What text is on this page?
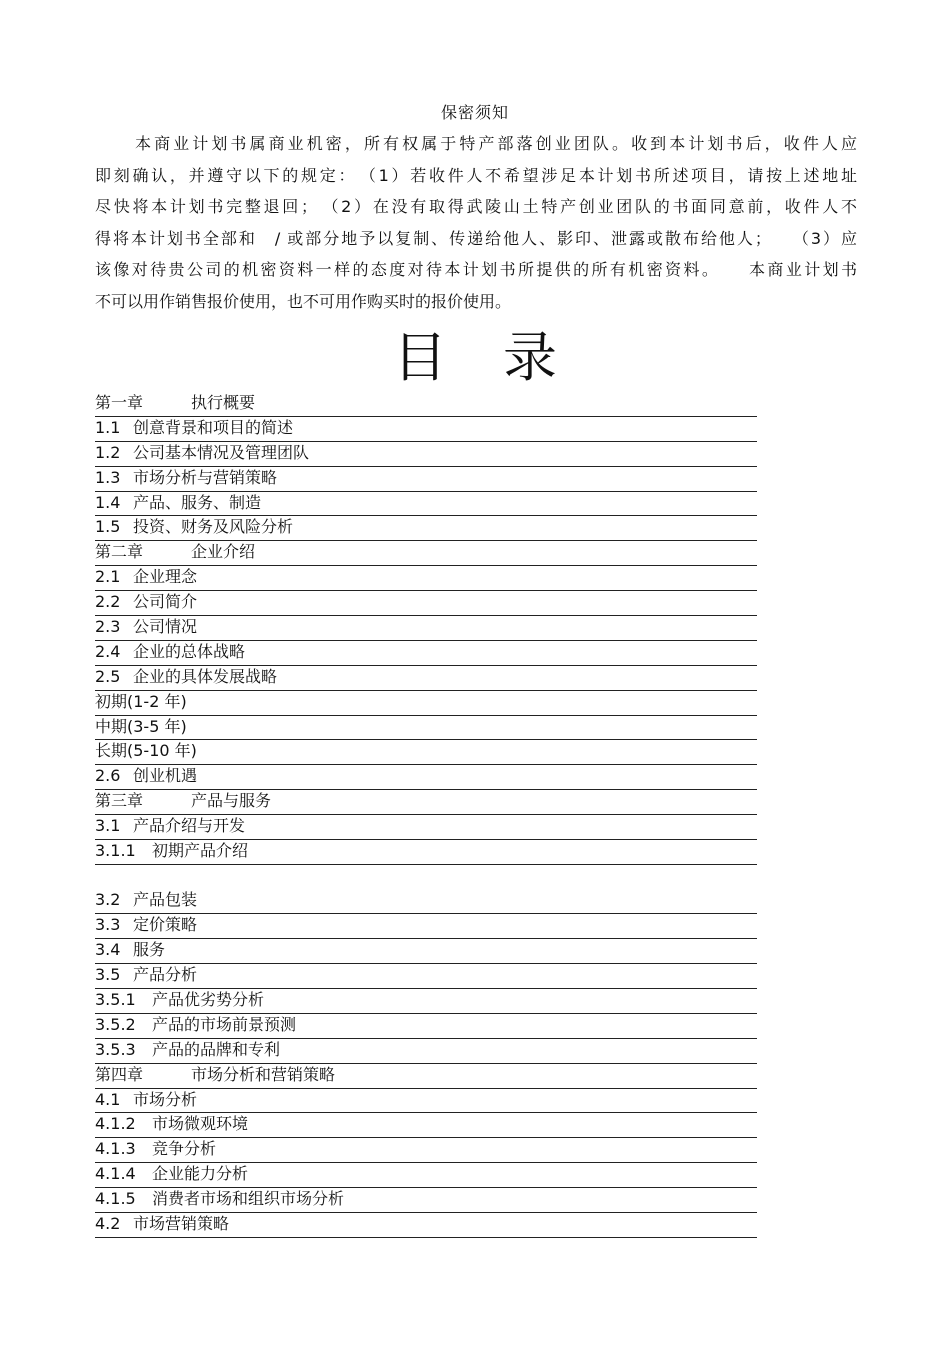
保密须知
本商业计划书属商业机密，所有权属于特产部落创业团队。收到本计划书后，收件人应
即刻确认，并遵守以下的规定：　（1）若收件人不希望涉足本计划书所述项目，请按上述地址
尽快将本计划书完整退回；　（2）在没有取得武陵山土特产创业团队的书面同意前，收件人不
得将本计划书全部和　/ 或部分地予以复制、传递给他人、影印、泄露或散布给他人；　　（3）应
该像对待贵公司的机密资料一样的态度对待本计划书所提供的所有机密资料。　　本商业计划书
不可以用作销售报价使用，也不可用作购买时的报价使用。
目录
第一章	执行概要
1.1 创意背景和项目的简述
1.2 公司基本情况及管理团队
1.3 市场分析与营销策略
1.4 产品、服务、制造
1.5 投资、财务及风险分析
第二章	企业介绍
2.1 企业理念
2.2 公司简介
2.3 公司情况
2.4 企业的总体战略
2.5 企业的具体发展战略
初期(1-2 年)
中期(3-5 年)
长期(5-10 年)
2.6 创业机遇
第三章	产品与服务
3.1 产品介绍与开发
3.1.1 初期产品介绍
3.2 产品包装
3.3 定价策略
3.4 服务
3.5 产品分析
3.5.1 产品优劣势分析
3.5.2 产品的市场前景预测
3.5.3 产品的品牌和专利
第四章	市场分析和营销策略
4.1 市场分析
4.1.2 市场微观环境
4.1.3 竞争分析
4.1.4 企业能力分析
4.1.5 消费者市场和组织市场分析
4.2 市场营销策略
